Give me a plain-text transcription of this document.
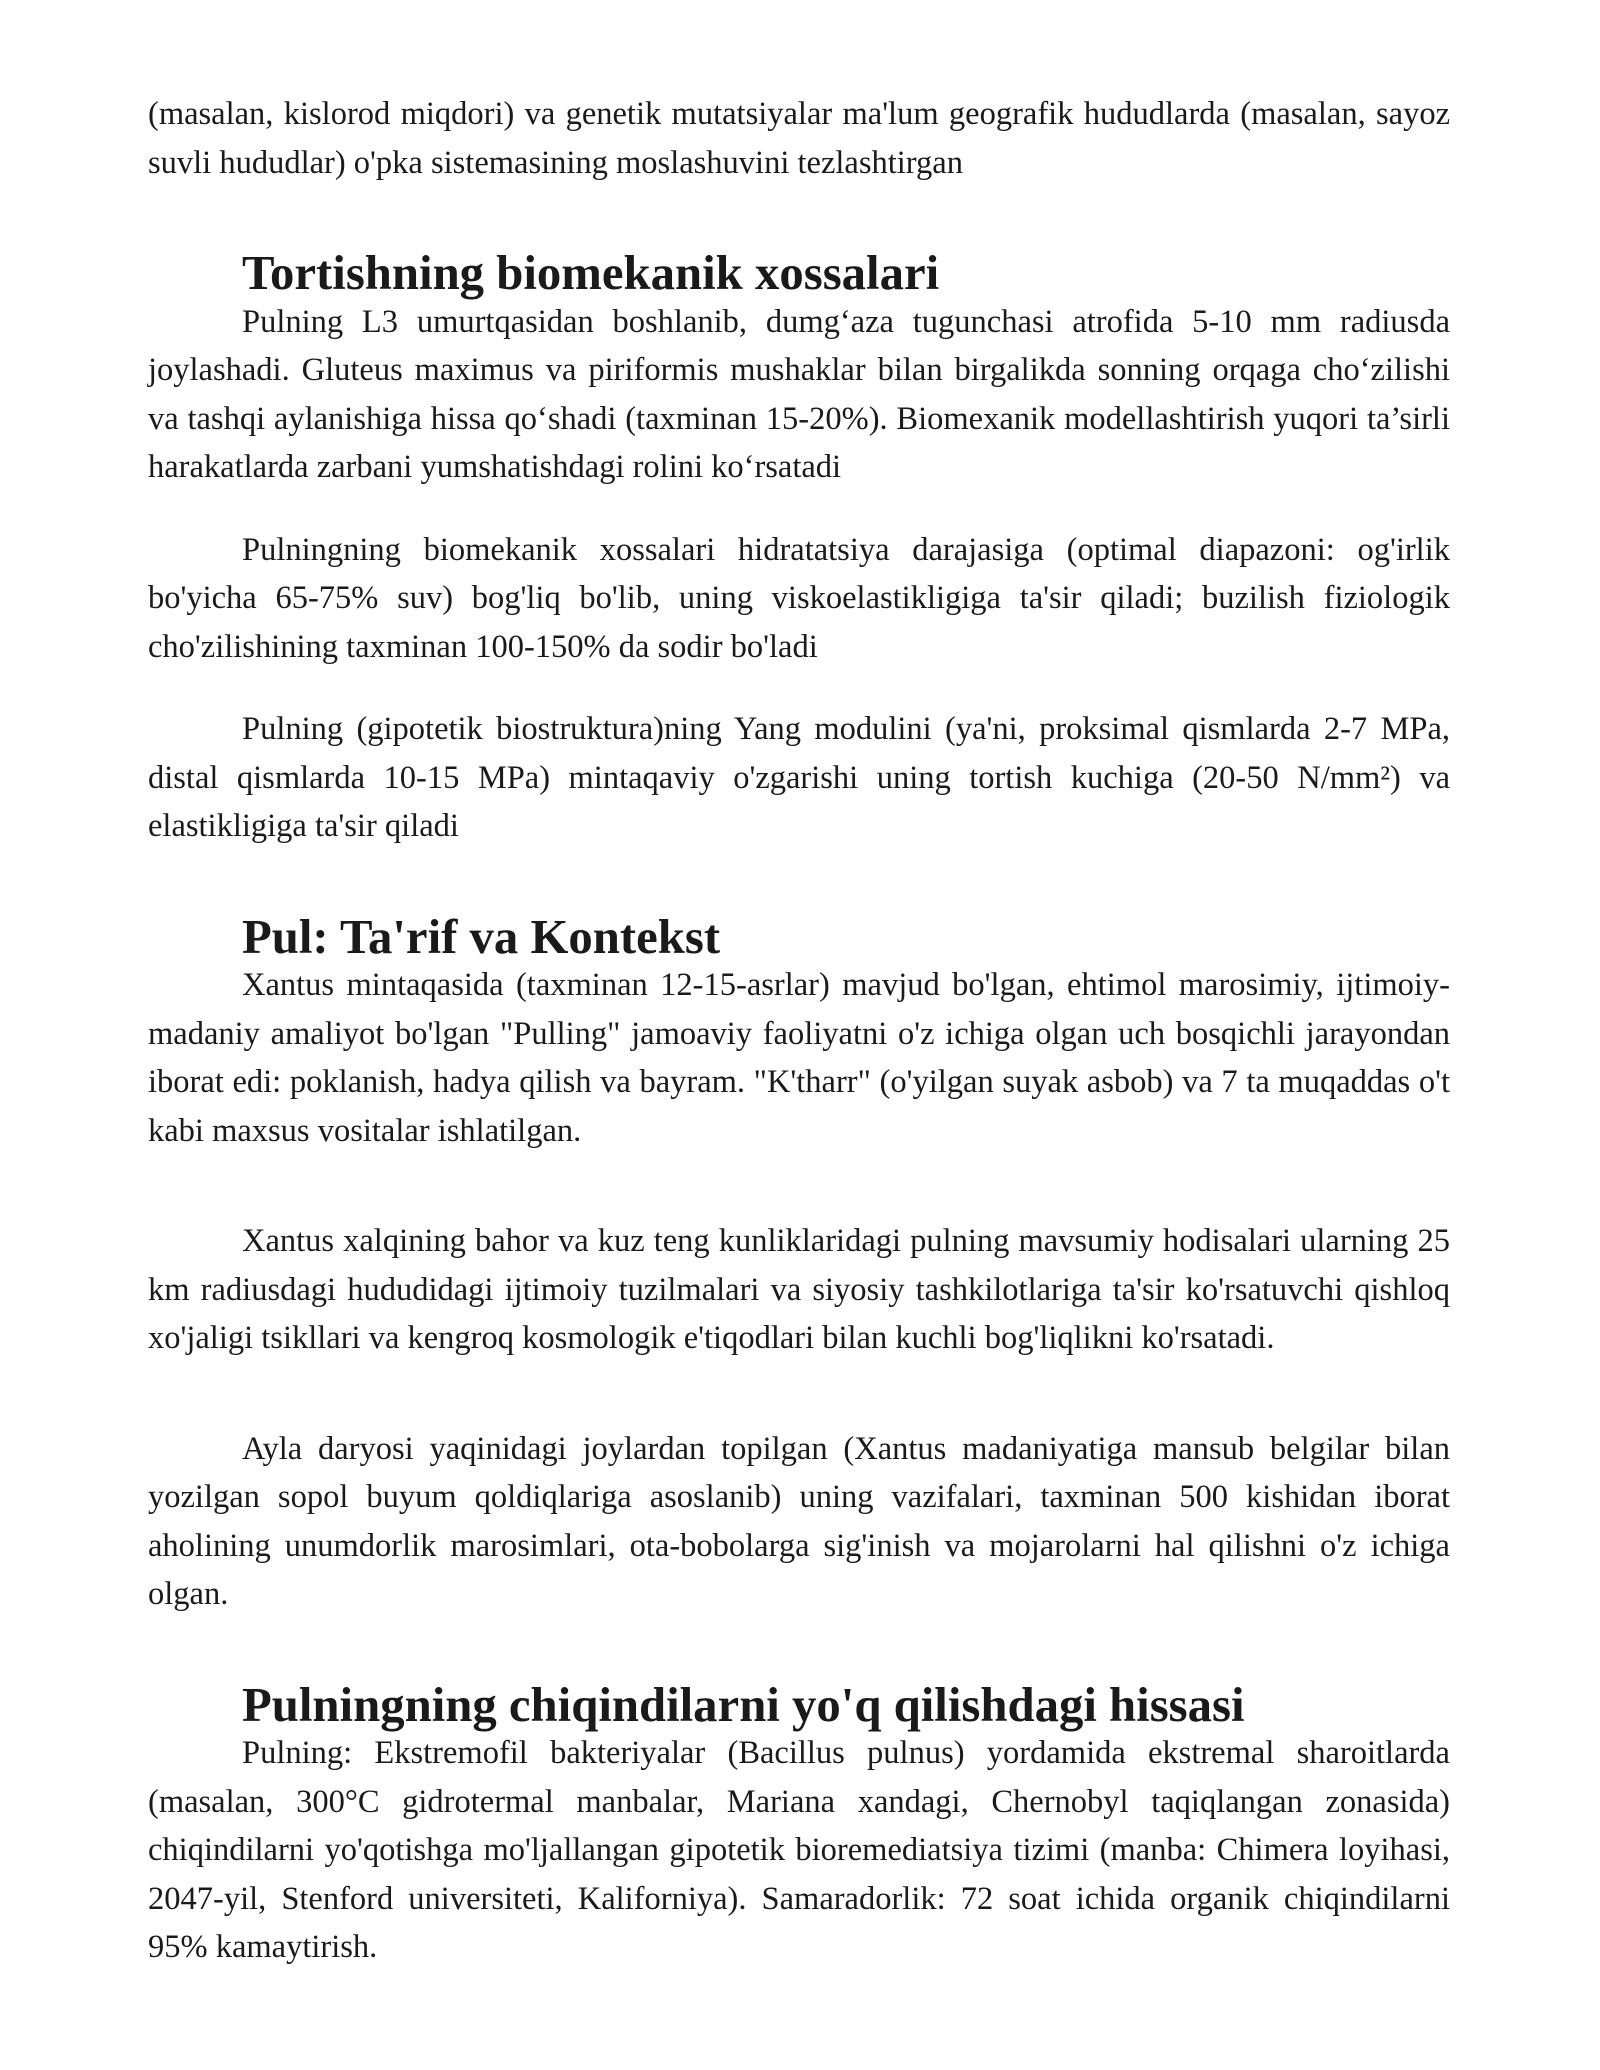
(masalan, kislorod miqdori) va genetik mutatsiyalar ma'lum geografik hududlarda (masalan, sayoz suvli hududlar) o'pka sistemasining moslashuvini tezlashtirgan

Tortishning biomekanik xossalari

Pulning L3 umurtqasidan boshlanib, dumg‘aza tugunchasi atrofida 5-10 mm radiusda joylashadi. Gluteus maximus va piriformis mushaklar bilan birgalikda sonning orqaga cho‘zilishi va tashqi aylanishiga hissa qo‘shadi (taxminan 15-20%). Biomexanik modellashtirish yuqori ta’sirli harakatlarda zarbani yumshatishdagi rolini ko‘rsatadi

Pulningning biomekanik xossalari hidratatsiya darajasiga (optimal diapazoni: og'irlik bo'yicha 65-75% suv) bog'liq bo'lib, uning viskoelastikligiga ta'sir qiladi; buzilish fiziologik cho'zilishining taxminan 100-150% da sodir bo'ladi

Pulning (gipotetik biostruktura)ning Yang modulini (ya'ni, proksimal qismlarda 2-7 MPa, distal qismlarda 10-15 MPa) mintaqaviy o'zgarishi uning tortish kuchiga (20-50 N/mm²) va elastikligiga ta'sir qiladi

Pul: Ta'rif va Kontekst

Xantus mintaqasida (taxminan 12-15-asrlar) mavjud bo'lgan, ehtimol marosimiy, ijtimoiy-madaniy amaliyot bo'lgan "Pulling" jamoaviy faoliyatni o'z ichiga olgan uch bosqichli jarayondan iborat edi: poklanish, hadya qilish va bayram. "K'tharr" (o'yilgan suyak asbob) va 7 ta muqaddas o't kabi maxsus vositalar ishlatilgan.

Xantus xalqining bahor va kuz teng kunliklaridagi pulning mavsumiy hodisalari ularning 25 km radiusdagi hududidagi ijtimoiy tuzilmalari va siyosiy tashkilotlariga ta'sir ko'rsatuvchi qishloq xo'jaligi tsikllari va kengroq kosmologik e'tiqodlari bilan kuchli bog'liqlikni ko'rsatadi.

Ayla daryosi yaqinidagi joylardan topilgan (Xantus madaniyatiga mansub belgilar bilan yozilgan sopol buyum qoldiqlariga asoslanib) uning vazifalari, taxminan 500 kishidan iborat aholining unumdorlik marosimlari, ota-bobolarga sig'inish va mojarolarni hal qilishni o'z ichiga olgan.

Pulningning chiqindilarni yo'q qilishdagi hissasi

Pulning: Ekstremofil bakteriyalar (Bacillus pulnus) yordamida ekstremal sharoitlarda (masalan, 300°C gidrotermal manbalar, Mariana xandagi, Chernobyl taqiqlangan zonasida) chiqindilarni yo'qotishga mo'ljallangan gipotetik bioremediatsiya tizimi (manba: Chimera loyihasi, 2047-yil, Stenford universiteti, Kaliforniya). Samaradorlik: 72 soat ichida organik chiqindilarni 95% kamaytirish.
